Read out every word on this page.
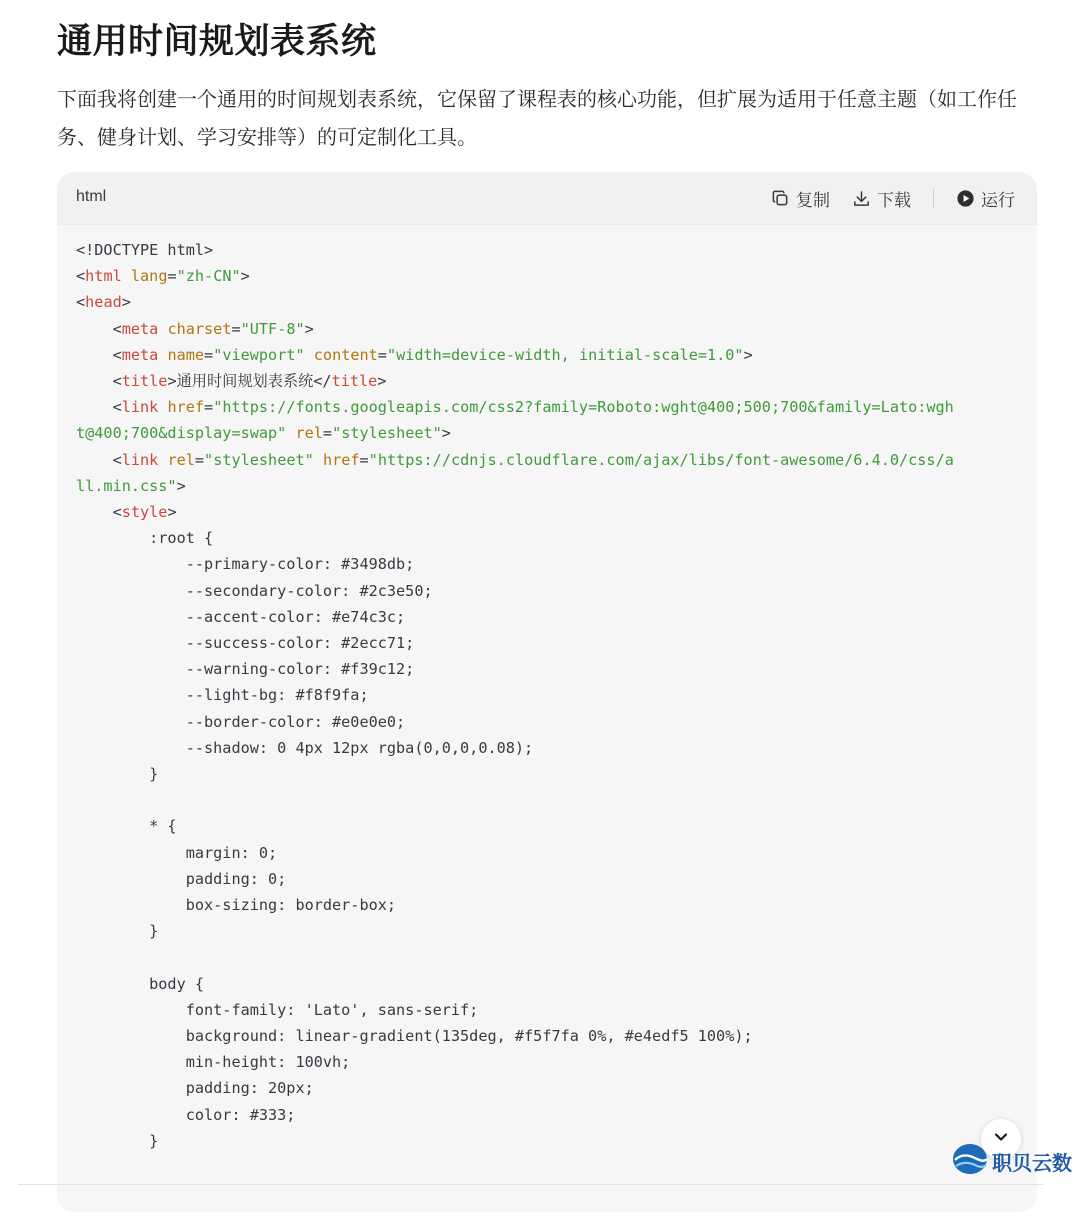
通用时间规划表系统
下面我将创建一个通用的时间规划表系统，它保留了课程表的核心功能，但扩展为适用于任意主题（如工作任务、健身计划、学习安排等）的可定制化工具。
html	复制	下载	运行
<!DOCTYPE html>
<html lang="zh-CN">
<head>
<meta charset="UTF-8">
<meta name="viewport" content="width=device-width, initial-scale=1.0">
<title>通用时间规划表系统</title>
<link href="https://fonts.googleapis.com/css2?family=Roboto:wght@400;500;700&family=Lato:wgh
t@400;700&display=swap" rel="stylesheet">
<link rel="stylesheet" href="https://cdnjs.cloudflare.com/ajax/libs/font-awesome/6.4.0/css/a
ll.min.css">
<style>
:root {
--primary-color: #3498db;
--secondary-color: #2c3e50;
--accent-color: #e74c3c;
--success-color: #2ecc71;
--warning-color: #f39c12;
--light-bg: #f8f9fa;
--border-color: #e0e0e0;
--shadow: 0 4px 12px rgba(0,0,0,0.08);
}
* {
margin: 0;
padding: 0;
box-sizing: border-box;
}
body {
font-family: 'Lato', sans-serif;
background: linear-gradient(135deg, #f5f7fa 0%, #e4edf5 100%);
min-height: 100vh;
padding: 20px;
color: #333;
}
职贝云数
